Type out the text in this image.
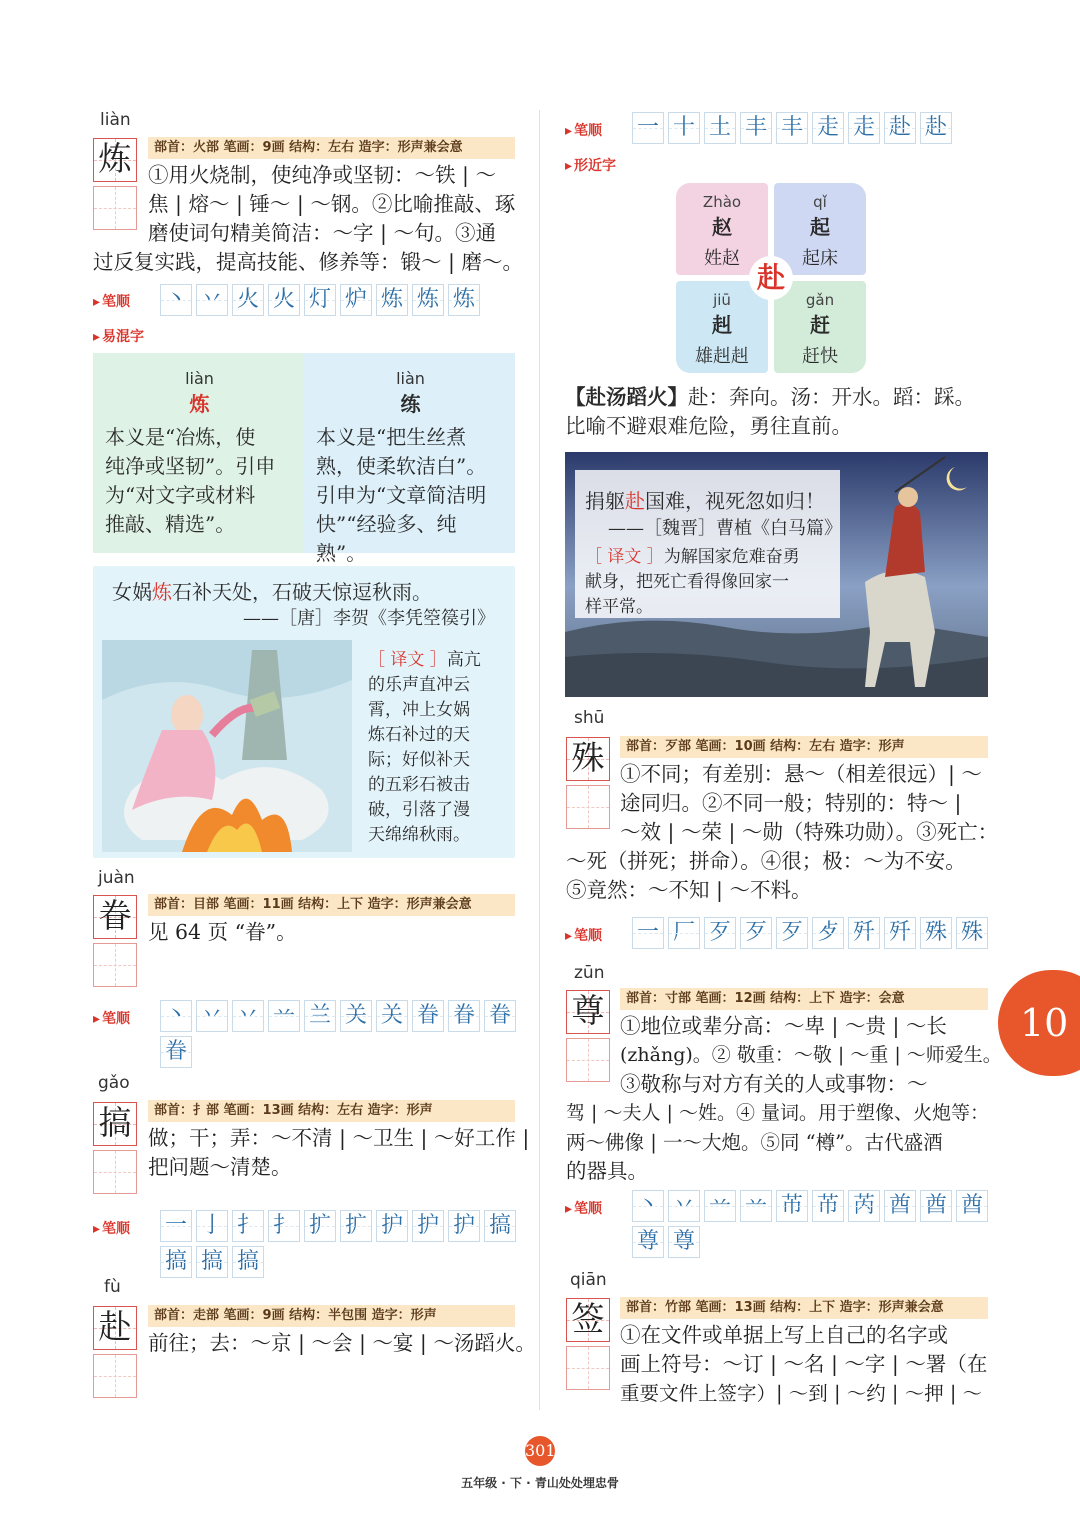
liàn
炼	部首：火部 笔画：9画 结构：左右 造字：形声兼会意
①用火烧制，使纯净或坚韧：～铁 | ～
焦 | 熔～ | 锤～ | ～钢。②比喻推敲、琢
磨使词句精美简洁：～字 | ～句。③通
过反复实践，提高技能、修养等：锻～ | 磨～。
▸ 笔顺 丶 丷 火 火 灯 炉 炼 炼 炼
▸ 易混字
liàn
炼
本义是“冶炼，使
纯净或坚韧”。引申
为“对文字或材料
推敲、精选”。
liàn
练
本义是“把生丝煮
熟，使柔软洁白”。
引申为“文章简洁明
快”“经验多、纯熟”。
女娲炼石补天处，石破天惊逗秋雨。
——［唐］李贺《李凭箜篌引》
［ 译文 ］高亢
的乐声直冲云
霄，冲上女娲
炼石补过的天
际；好似补天
的五彩石被击
破，引落了漫
天绵绵秋雨。
juàn
眷	部首：目部 笔画：11画 结构：上下 造字：形声兼会意
见 64 页 “眷”。
▸ 笔顺 丶 丷 丷 䒑 兰 关 关 眷 眷 眷
眷
gǎo
搞	部首：扌部 笔画：13画 结构：左右 造字：形声
做；干；弄：～不清 | ～卫生 | ～好工作 |
把问题～清楚。
▸ 笔顺 一 亅 扌 扌 扩 扩 护 护 护 搞
搞 搞 搞
fù
赴	部首：走部 笔画：9画 结构：半包围 造字：形声
前往；去：～京 | ～会 | ～宴 | ～汤蹈火。
▸ 笔顺 一 十 土 丰 丰 走 走 赴 赴
▸ 形近字
Zhào
赵
姓赵
qǐ
起
起床
jiū
赳
雄赳赳
gǎn
赶
赶快
赴
【赴汤蹈火】赴：奔向。汤：开水。蹈：踩。比喻不避艰难危险，勇往直前。
捐躯赴国难，视死忽如归！
——［魏晋］曹植《白马篇》
［ 译文 ］为解国家危难奋勇
献身，把死亡看得像回家一
样平常。
shū
殊	部首：歹部 笔画：10画 结构：左右 造字：形声
①不同；有差别：悬～（相差很远）| ～
途同归。②不同一般；特别的：特～ |
～效 | ～荣 | ～勋（特殊功勋）。③死亡：
～死（拼死；拼命）。④很；极：～为不安。
⑤竟然：～不知 | ～不料。
▸ 笔顺 一 厂 歹 歹 歹 歺 歼 歼 殊 殊
zūn
尊	部首：寸部 笔画：12画 结构：上下 造字：会意
①地位或辈分高：～卑 | ～贵 | ～长
(zhǎng)。② 敬重：～敬 | ～重 | ～师爱生。
③敬称与对方有关的人或事物：～
驾 | ～夫人 | ～姓。④ 量词。用于塑像、火炮等：
两～佛像 | 一～大炮。⑤同 “樽”。古代盛酒
的器具。
▸ 笔顺 丶 丷 䒑 䒑 芇 芇 芮 酋 酋 酋
尊 尊
qiān
签	部首：竹部 笔画：13画 结构：上下 造字：形声兼会意
①在文件或单据上写上自己的名字或
画上符号：～订 | ～名 | ～字 | ～署（在
重要文件上签字）| ～到 | ～约 | ～押 | ～
10
301
五年级 · 下 · 青山处处埋忠骨
